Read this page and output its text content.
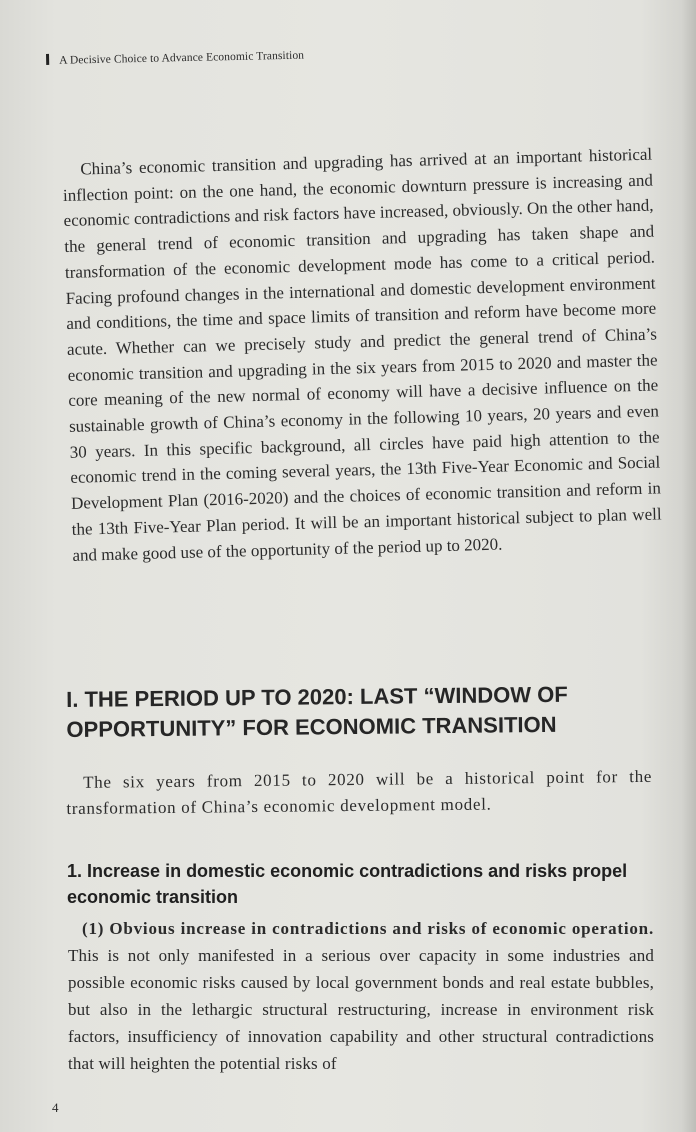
A Decisive Choice to Advance Economic Transition

China’s economic transition and upgrading has arrived at an important historical inflection point: on the one hand, the economic downturn pressure is increasing and economic contradictions and risk factors have increased, obviously. On the other hand, the general trend of economic transition and upgrading has taken shape and transformation of the economic development mode has come to a critical period. Facing profound changes in the international and domestic development environment and conditions, the time and space limits of transition and reform have become more acute. Whether can we precisely study and predict the general trend of China’s economic transition and upgrading in the six years from 2015 to 2020 and master the core meaning of the new normal of economy will have a decisive influence on the sustainable growth of China’s economy in the following 10 years, 20 years and even 30 years. In this specific background, all circles have paid high attention to the economic trend in the coming several years, the 13th Five-Year Economic and Social Development Plan (2016-2020) and the choices of economic transition and reform in the 13th Five-Year Plan period. It will be an important historical subject to plan well and make good use of the opportunity of the period up to 2020.

I. THE PERIOD UP TO 2020: LAST “WINDOW OF OPPORTUNITY” FOR ECONOMIC TRANSITION

The six years from 2015 to 2020 will be a historical point for the transformation of China’s economic development model.

1. Increase in domestic economic contradictions and risks propel economic transition

(1) Obvious increase in contradictions and risks of economic operation. This is not only manifested in a serious over capacity in some industries and possible economic risks caused by local government bonds and real estate bubbles, but also in the lethargic structural restructuring, increase in environment risk factors, insufficiency of innovation capability and other structural contradictions that will heighten the potential risks of

4
